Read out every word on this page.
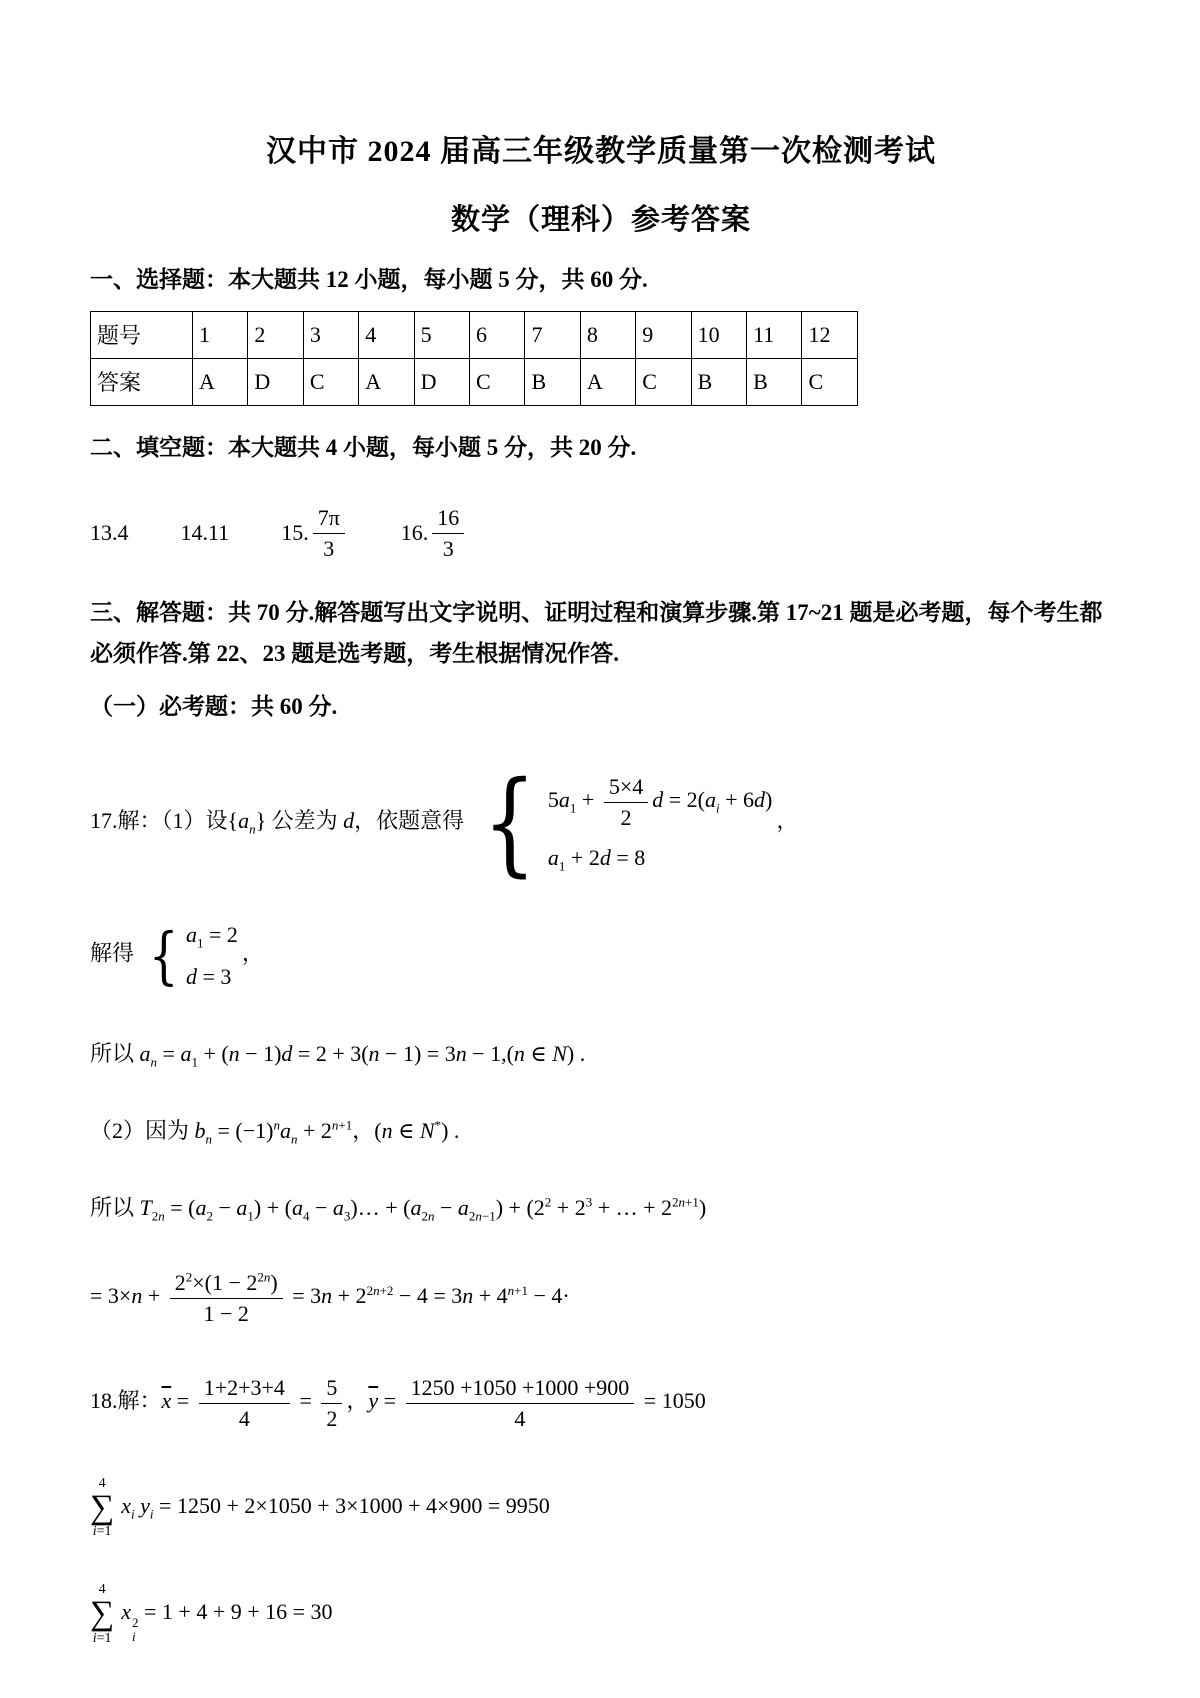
汉中市 2024 届高三年级教学质量第一次检测考试
数学（理科）参考答案

一、选择题：本大题共 12 小题，每小题 5 分，共 60 分.

题号	1	2	3	4	5	6	7	8	9	10	11	12
答案	A	D	C	A	D	C	B	A	C	B	B	C

二、填空题：本大题共 4 小题，每小题 5 分，共 20 分.

13. 4 14. 11 15. $\frac{7\pi}{3}$	16. $\frac{16}{3}$

三、解答题：共 70 分.解答题写出文字说明、证明过程和演算步骤.第 17~21 题是必考题，每个考生都必须作答.第 22、23 题是选考题，考生根据情况作答.

（一）必考题：共 60 分.

17.解：（1）设$\{a_n\}$ 公差为 d，依题意得
{ $5a_1 + \frac{5\times 4}{2}$ $d = 2(a_i + 6d)$
$a_1 + 2d = 8$
，
解得
{ $a_1 = 2$
d = 3
，
所以 $a_n = a_1 + (n - 1)d = 2 + 3(n - 1) = 3n - 1,(n$ ∈ N) .
（2）因为 $b_n = (-1)^na_n + 2^{n+1}$，(n ∈ N*) .
所以 $T_{2n} = (a_2 - a_1) + (a_4$ − $a_3)\dots + (a_{2n} - a_{2n-1}) + (2^2 + 2^3$ + … + $2^{2n+1}$)
= $3\times n + \frac{2^2\times(1 - 2^{2n})}{1 - 2} = 3n + 2^{2n+2} - 4 = 3n + 4^{n+1} - 4\cdot$
18.解：$\overline{x} = \frac{1+2+3+4}{4} = \frac{5}{2}$ ，$\overline{y} = \frac{1250 +1050 +1000 +900}{4} = 1050$
4
∑
i=1
$x_i$ $y_i = 1250 + 2\times 1050 + 3\times 1000 + 4\times 900 = 9950$
4
∑
i=1
x 2
i
= 1 + 4 + 9 + 16 = 30
